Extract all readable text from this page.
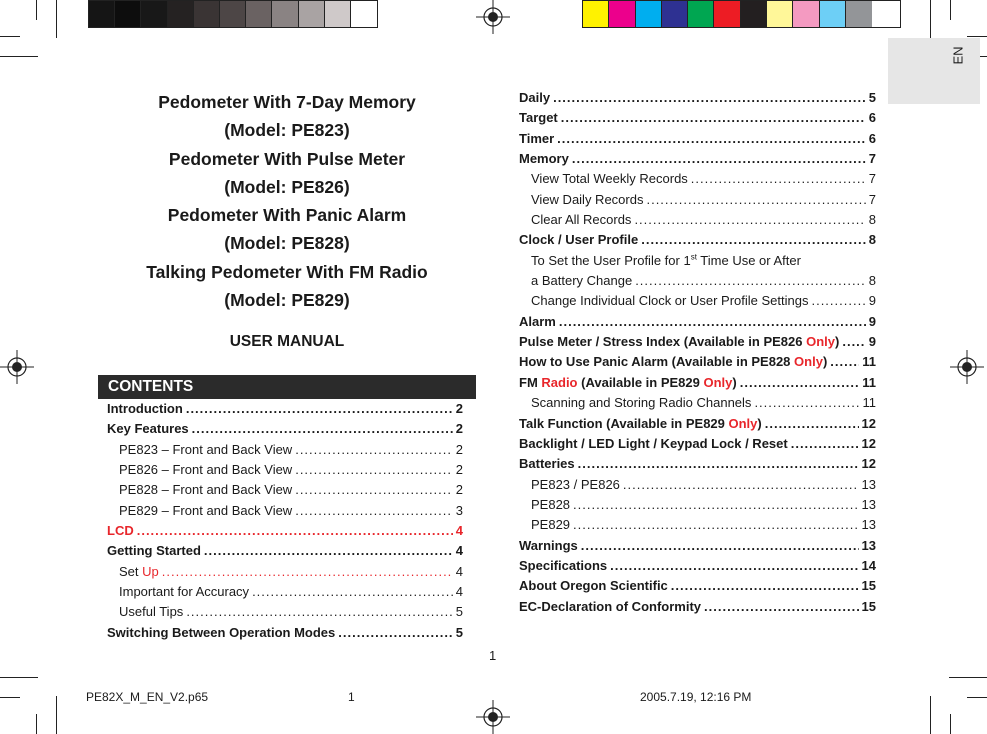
EN
Pedometer With 7-Day Memory
(Model: PE823)
Pedometer With Pulse Meter
(Model: PE826)
Pedometer With Panic Alarm
(Model: PE828)
Talking Pedometer With FM Radio
(Model: PE829)
USER MANUAL
CONTENTS
Introduction .....	2
Key Features .....	2
PE823 – Front and Back View .....	2
PE826 – Front and Back View .....	2
PE828 – Front and Back View .....	2
PE829 – Front and Back View .....	3
LCD .....	4
Getting Started .....	4
Set Up .....	4
Important for Accuracy .....	4
Useful Tips .....	5
Switching Between Operation Modes .....	5
Daily .....	5
Target .....	6
Timer .....	6
Memory .....	7
View Total Weekly Records .....	7
View Daily Records .....	7
Clear All Records .....	8
Clock / User Profile .....	8
To Set the User Profile for 1st Time Use or After
a Battery Change .....	8
Change Individual Clock or User Profile Settings .....	9
Alarm .....	9
Pulse Meter / Stress Index (Available in PE826 Only) ..... 9
How to Use Panic Alarm (Available in PE828 Only) .....	11
FM Radio (Available in PE829 Only) .....	11
Scanning and Storing Radio Channels .....	11
Talk Function (Available in PE829 Only) .....	12
Backlight / LED Light / Keypad Lock / Reset .....	12
Batteries .....	12
PE823 / PE826 .....	13
PE828 .....	13
PE829 .....	13
Warnings .....	13
Specifications .....	14
About Oregon Scientific .....	15
EC-Declaration of Conformity .....	15
1
PE82X_M_EN_V2.p65	1	2005.7.19, 12:16 PM
